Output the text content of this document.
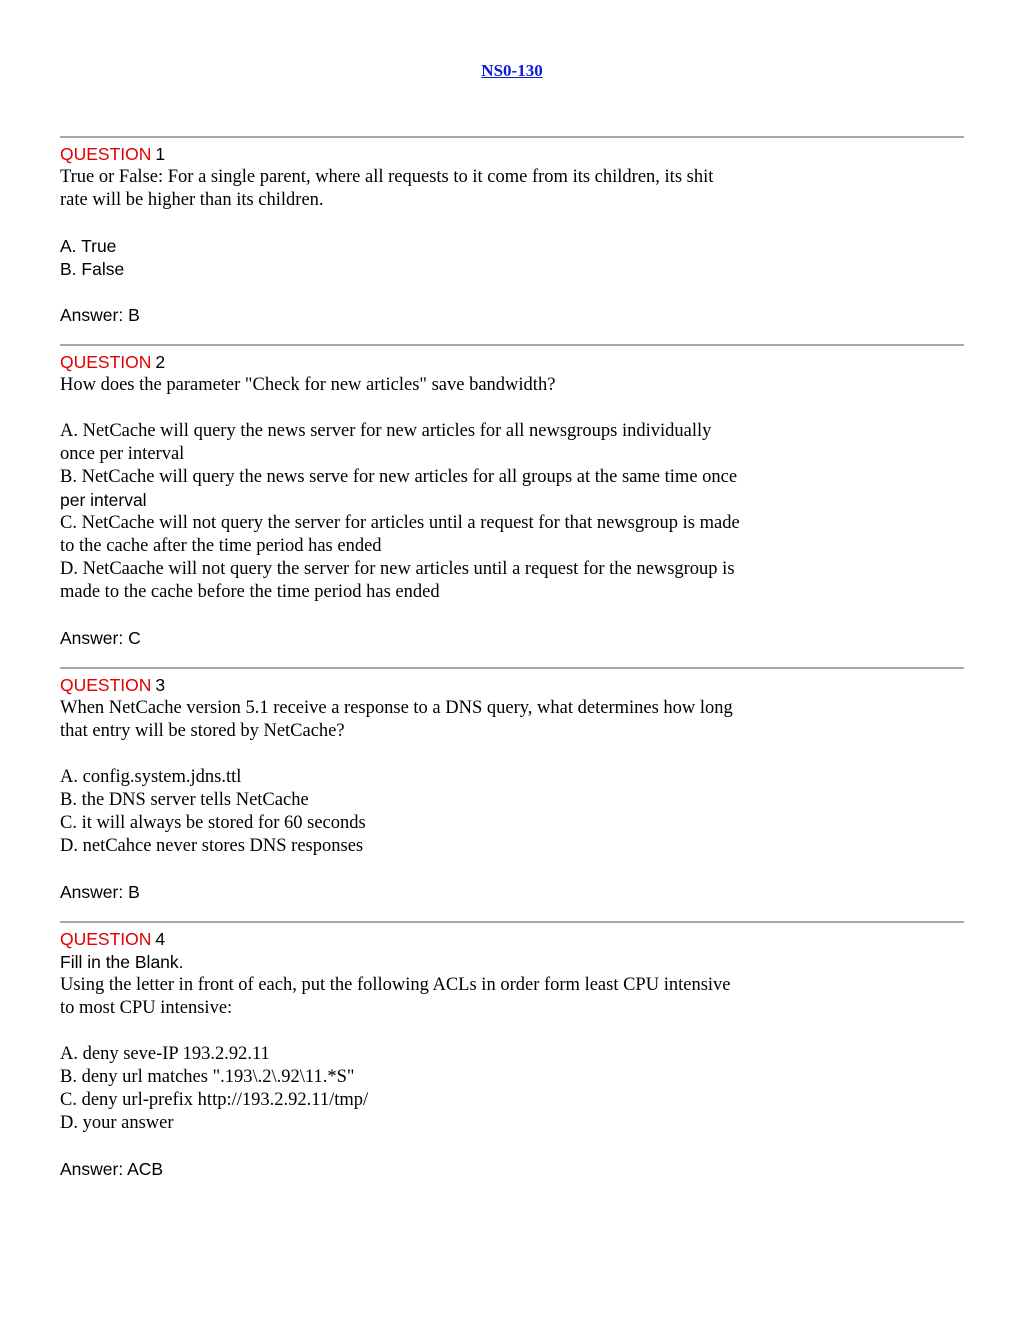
NS0-130
QUESTION 1
True or False: For a single parent, where all requests to it come from its children, its shit
rate will be higher than its children.
A. True
B. False
Answer: B
QUESTION 2
How does the parameter "Check for new articles" save bandwidth?
A. NetCache will query the news server for new articles for all newsgroups individually
once per interval
B. NetCache will query the news serve for new articles for all groups at the same time once
per interval
C. NetCache will not query the server for articles until a request for that newsgroup is made
to the cache after the time period has ended
D. NetCaache will not query the server for new articles until a request for the newsgroup is
made to the cache before the time period has ended
Answer: C
QUESTION 3
When NetCache version 5.1 receive a response to a DNS query, what determines how long
that entry will be stored by NetCache?
A. config.system.jdns.ttl
B. the DNS server tells NetCache
C. it will always be stored for 60 seconds
D. netCahce never stores DNS responses
Answer: B
QUESTION 4
Fill in the Blank.
Using the letter in front of each, put the following ACLs in order form least CPU intensive
to most CPU intensive:
A. deny seve-IP 193.2.92.11
B. deny url matches ".193\.2\.92\11.*S"
C. deny url-prefix http://193.2.92.11/tmp/
D. your answer
Answer: ACB
